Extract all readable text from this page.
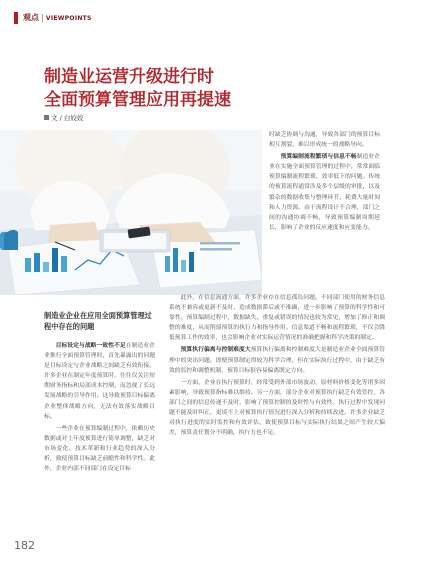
观点 | VIEWPOINTS
制造业运营升级进行时
全面预算管理应用再提速
文 / 白姣姣

时缺乏协调与沟通，导致各部门的预算目标相互割裂，难以形成统一的战略导向。

预算编制流程繁琐与信息不畅制造业企业在实施全面预算管理的过程中，常常面临预算编制流程繁琐、效率低下的问题。传统的预算流程通常涉及多个层级的审批，以及繁杂的数据收集与整理环节，耗费大量时间和人力资源。由于流程设计不合理，部门之间的沟通协调不畅，导致预算编制周期延长，影响了企业的反应速度和应变能力。

制造业企业在应用全面预算管理过程中存在的问题

目标设定与战略一致性不足在制造业企业推行全面预算管理时，首先暴露出的问题是目标设定与企业战略之间缺乏有效衔接。许多企业在制定年度预算时，往往仅关注短期财务指标和局部成本控制，而忽视了长远发展战略的引导作用。这导致预算目标偏离企业整体战略方向，无法有效落实战略目标。

一些企业在预算编制过程中，依赖历史数据或对上年度预算进行简单调整，缺乏对市场变化、技术革新和行业趋势的深入分析，致使预算目标缺乏前瞻性和科学性。此外，企业内部不同部门在设定目标

此外，在信息流通方面，许多企业存在信息孤岛问题。不同部门使用的财务信息系统不兼容或更新不及时，造成数据滞后或不准确，进一步影响了预算的科学性和可靠性。预算编制过程中，数据缺失、重复或错误的情况也较为常见，增加了修正和调整的难度，从而削弱预算的执行力和指导作用。信息渠道不畅和流程繁琐，不仅会降低预算工作的效率，也会影响企业对实际运营情况的准确把握和科学决策的制定。

预算执行偏离与控制难度大预算执行偏离和控制难度大是制造业企业全面预算管理中的突出问题。即便预算制定得较为科学合理，但在实际执行过程中，由于缺乏有效的监控和调整机制，预算目标很容易偏离既定方向。

一方面，企业在执行预算时，经常受到外部市场波动、原材料价格变化等诸多因素影响，导致预算指标难以维持。另一方面，部分企业对预算执行缺乏有效管控，各部门之间的信息传递不及时，影响了预算控制的及时性与有效性。执行过程中发现问题不能及时纠正，更谈不上对预算执行情况进行深入分析和持续改进。许多企业缺乏对执行进度的实时监控和有效评估，致使预算目标与实际执行结果之间产生较大偏差，预算责任划分不明确，执行力也不足。

182
